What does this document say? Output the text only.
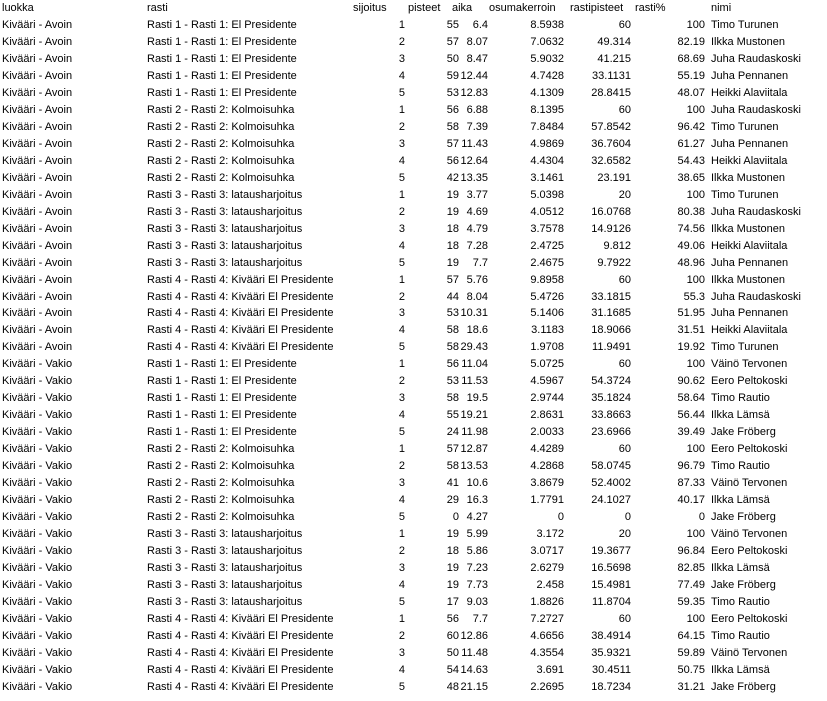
luokka	rasti	sijoitus pisteet aika osumakerroin rastipisteet rasti%	nimi
Kivääri - Avoin	Rasti 1 - Rasti 1: El Presidente	1	55 6.4	8.5938	60	100 Timo Turunen
Kivääri - Avoin	Rasti 1 - Rasti 1: El Presidente	2	57 8.07	7.0632	49.314	82.19 Ilkka Mustonen
Kivääri - Avoin	Rasti 1 - Rasti 1: El Presidente	3	50 8.47	5.9032	41.215	68.69 Juha Raudaskoski
Kivääri - Avoin	Rasti 1 - Rasti 1: El Presidente	4	59 12.44	4.7428	33.1131	55.19 Juha Pennanen
Kivääri - Avoin	Rasti 1 - Rasti 1: El Presidente	5	53 12.83	4.1309 28.8415	48.07 Heikki Alaviitala
Kivääri - Avoin	Rasti 2 - Rasti 2: Kolmoisuhka	1	56 6.88	8.1395	60	100 Juha Raudaskoski
Kivääri - Avoin	Rasti 2 - Rasti 2: Kolmoisuhka	2	58 7.39	7.8484 57.8542	96.42 Timo Turunen
Kivääri - Avoin	Rasti 2 - Rasti 2: Kolmoisuhka	3	57 11.43	4.9869 36.7604	61.27 Juha Pennanen
Kivääri - Avoin	Rasti 2 - Rasti 2: Kolmoisuhka	4	56 12.64	4.4304 32.6582	54.43 Heikki Alaviitala
Kivääri - Avoin	Rasti 2 - Rasti 2: Kolmoisuhka	5	42 13.35	3.1461	23.191	38.65 Ilkka Mustonen
Kivääri - Avoin	Rasti 3 - Rasti 3: latausharjoitus	1	19 3.77	5.0398	20	100 Timo Turunen
Kivääri - Avoin	Rasti 3 - Rasti 3: latausharjoitus	2	19 4.69	4.0512 16.0768	80.38 Juha Raudaskoski
Kivääri - Avoin	Rasti 3 - Rasti 3: latausharjoitus	3	18 4.79	3.7578 14.9126	74.56 Ilkka Mustonen
Kivääri - Avoin	Rasti 3 - Rasti 3: latausharjoitus	4	18 7.28	2.4725	9.812	49.06 Heikki Alaviitala
Kivääri - Avoin	Rasti 3 - Rasti 3: latausharjoitus	5	19 7.7	2.4675	9.7922	48.96 Juha Pennanen
Kivääri - Avoin	Rasti 4 - Rasti 4: Kivääri El Presidente	1	57 5.76	9.8958	60	100 Ilkka Mustonen
Kivääri - Avoin	Rasti 4 - Rasti 4: Kivääri El Presidente	2	44 8.04	5.4726 33.1815	55.3 Juha Raudaskoski
Kivääri - Avoin	Rasti 4 - Rasti 4: Kivääri El Presidente	3	53 10.31	5.1406 31.1685	51.95 Juha Pennanen
Kivääri - Avoin	Rasti 4 - Rasti 4: Kivääri El Presidente	4	58 18.6	3.1183 18.9066	31.51 Heikki Alaviitala
Kivääri - Avoin	Rasti 4 - Rasti 4: Kivääri El Presidente	5	58 29.43	1.9708	11.9491	19.92 Timo Turunen
Kivääri - Vakio	Rasti 1 - Rasti 1: El Presidente	1	56 11.04	5.0725	60	100 Väinö Tervonen
Kivääri - Vakio	Rasti 1 - Rasti 1: El Presidente	2	53 11.53	4.5967 54.3724	90.62 Eero Peltokoski
Kivääri - Vakio	Rasti 1 - Rasti 1: El Presidente	3	58 19.5	2.9744 35.1824	58.64 Timo Rautio
Kivääri - Vakio	Rasti 1 - Rasti 1: El Presidente	4	55 19.21	2.8631 33.8663	56.44 Ilkka Lämsä
Kivääri - Vakio	Rasti 1 - Rasti 1: El Presidente	5	24 11.98	2.0033 23.6966	39.49 Jake Fröberg
Kivääri - Vakio	Rasti 2 - Rasti 2: Kolmoisuhka	1	57 12.87	4.4289	60	100 Eero Peltokoski
Kivääri - Vakio	Rasti 2 - Rasti 2: Kolmoisuhka	2	58 13.53	4.2868 58.0745	96.79 Timo Rautio
Kivääri - Vakio	Rasti 2 - Rasti 2: Kolmoisuhka	3	41 10.6	3.8679 52.4002	87.33 Väinö Tervonen
Kivääri - Vakio	Rasti 2 - Rasti 2: Kolmoisuhka	4	29 16.3	1.7791 24.1027	40.17 Ilkka Lämsä
Kivääri - Vakio	Rasti 2 - Rasti 2: Kolmoisuhka	5	0 4.27	0	0	0 Jake Fröberg
Kivääri - Vakio	Rasti 3 - Rasti 3: latausharjoitus	1	19 5.99	3.172	20	100 Väinö Tervonen
Kivääri - Vakio	Rasti 3 - Rasti 3: latausharjoitus	2	18 5.86	3.0717 19.3677	96.84 Eero Peltokoski
Kivääri - Vakio	Rasti 3 - Rasti 3: latausharjoitus	3	19 7.23	2.6279 16.5698	82.85 Ilkka Lämsä
Kivääri - Vakio	Rasti 3 - Rasti 3: latausharjoitus	4	19 7.73	2.458 15.4981	77.49 Jake Fröberg
Kivääri - Vakio	Rasti 3 - Rasti 3: latausharjoitus	5	17 9.03	1.8826	11.8704	59.35 Timo Rautio
Kivääri - Vakio	Rasti 4 - Rasti 4: Kivääri El Presidente	1	56 7.7	7.2727	60	100 Eero Peltokoski
Kivääri - Vakio	Rasti 4 - Rasti 4: Kivääri El Presidente	2	60 12.86	4.6656 38.4914	64.15 Timo Rautio
Kivääri - Vakio	Rasti 4 - Rasti 4: Kivääri El Presidente	3	50 11.48	4.3554 35.9321	59.89 Väinö Tervonen
Kivääri - Vakio	Rasti 4 - Rasti 4: Kivääri El Presidente	4	54 14.63	3.691	30.4511	50.75 Ilkka Lämsä
Kivääri - Vakio	Rasti 4 - Rasti 4: Kivääri El Presidente	5	48 21.15	2.2695 18.7234	31.21 Jake Fröberg
